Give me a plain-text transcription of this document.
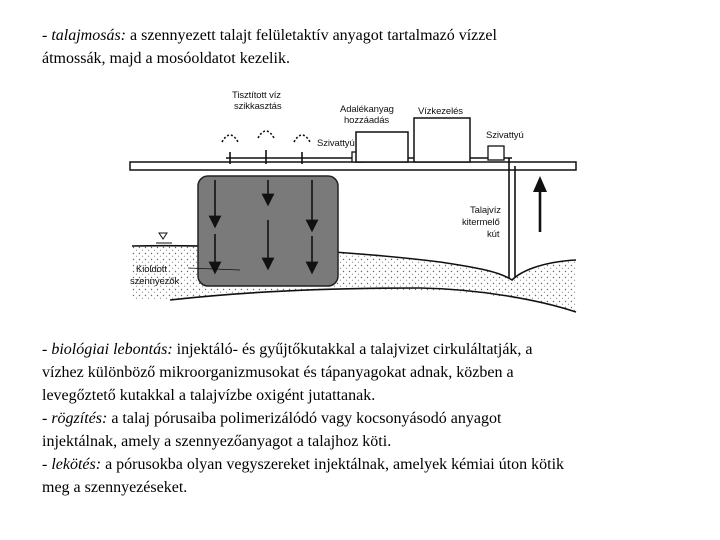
- talajmosás: a szennyezett talajt felületaktív anyagot tartalmazó vízzel
átmossák, majd a mosóoldatot kezelik.
Tisztított víz
szikkasztás	Adalékanyag
hozzáadás
Vízkezelés
Szivattyú
Szivattyú
Talajvíz
kitermelő
kút
Kioldott
szennyezők
- biológiai lebontás: injektáló- és gyűjtőkutakkal a talajvizet cirkuláltatják, a
vízhez különböző mikroorganizmusokat és tápanyagokat adnak, közben a
levegőztető kutakkal a talajvízbe oxigént jutattanak.
- rögzítés: a talaj pórusaiba polimerizálódó vagy kocsonyásodó anyagot
injektálnak, amely a szennyezőanyagot a talajhoz köti.
- lekötés: a pórusokba olyan vegyszereket injektálnak, amelyek kémiai úton kötik
meg a szennyezéseket.
